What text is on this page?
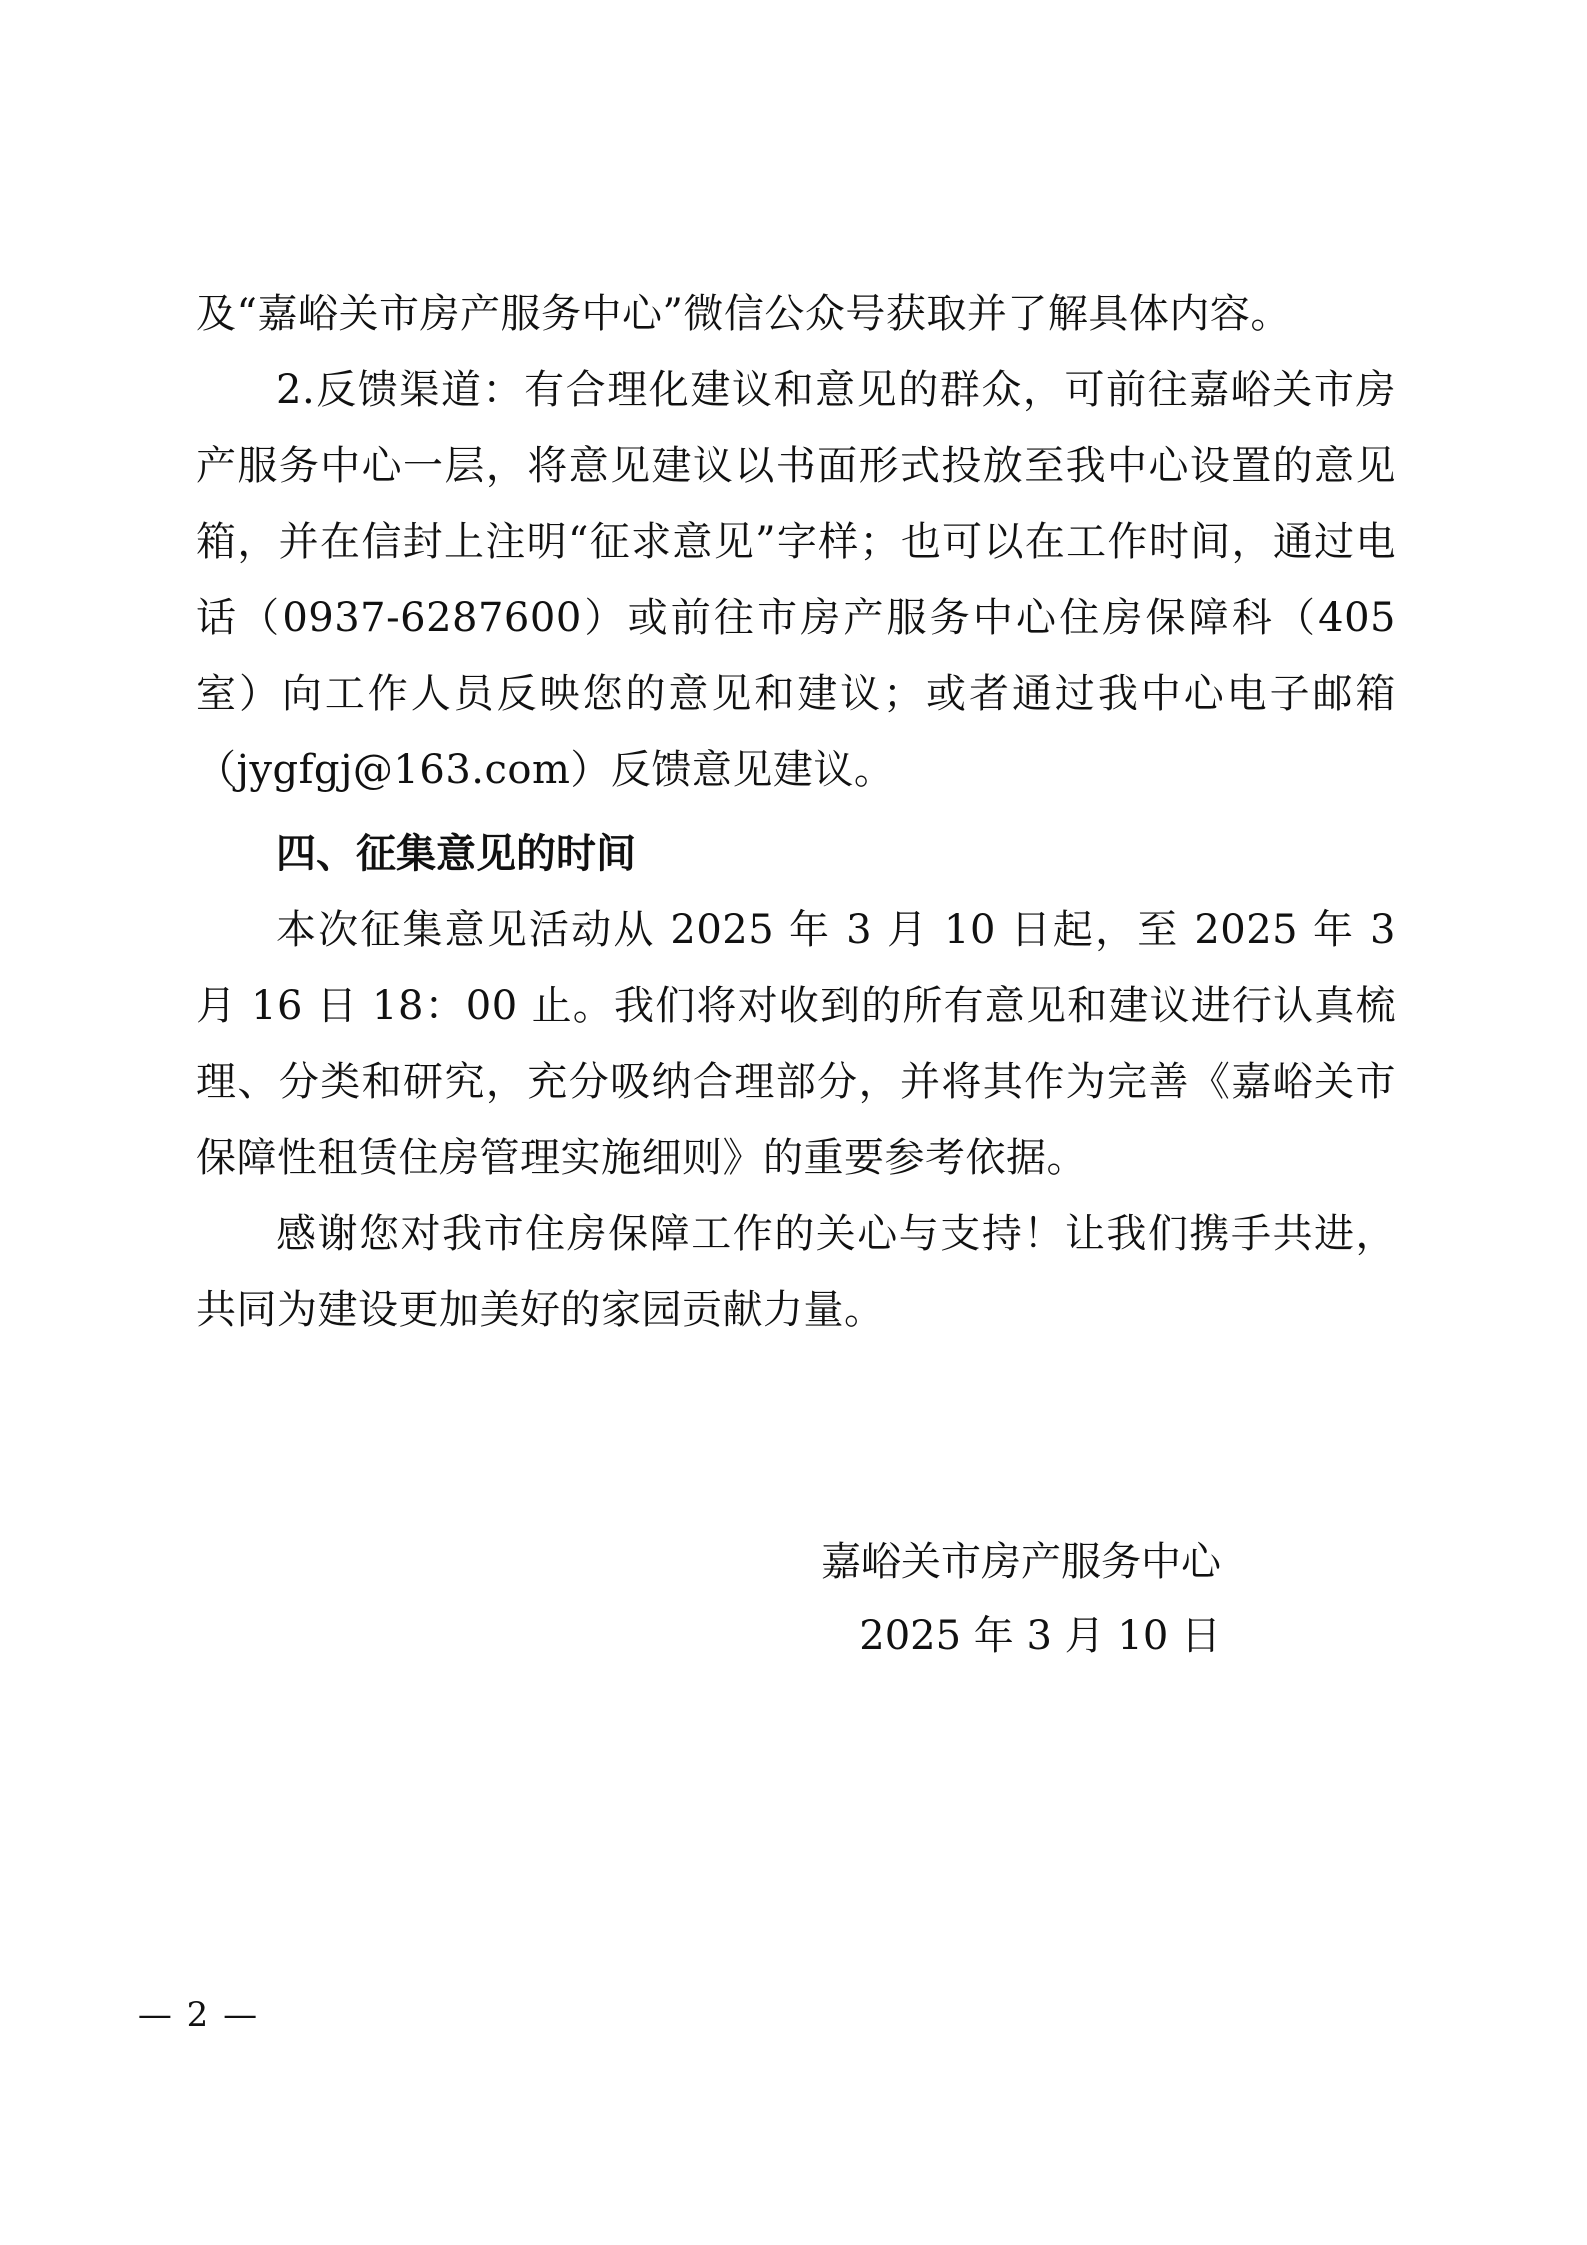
及“嘉峪关市房产服务中心”微信公众号获取并了解具体内容。

2.反馈渠道：有合理化建议和意见的群众，可前往嘉峪关市房产服务中心一层，将意见建议以书面形式投放至我中心设置的意见箱，并在信封上注明“征求意见”字样；也可以在工作时间，通过电话（0937-6287600）或前往市房产服务中心住房保障科（405 室）向工作人员反映您的意见和建议；或者通过我中心电子邮箱（jygfgj@163.com）反馈意见建议。

四、征集意见的时间

本次征集意见活动从 2025 年 3 月 10 日起，至 2025 年 3 月 16 日 18：00 止。我们将对收到的所有意见和建议进行认真梳理、分类和研究，充分吸纳合理部分，并将其作为完善《嘉峪关市保障性租赁住房管理实施细则》的重要参考依据。

感谢您对我市住房保障工作的关心与支持！让我们携手共进，共同为建设更加美好的家园贡献力量。

嘉峪关市房产服务中心
2025 年 3 月 10 日
— 2 —
